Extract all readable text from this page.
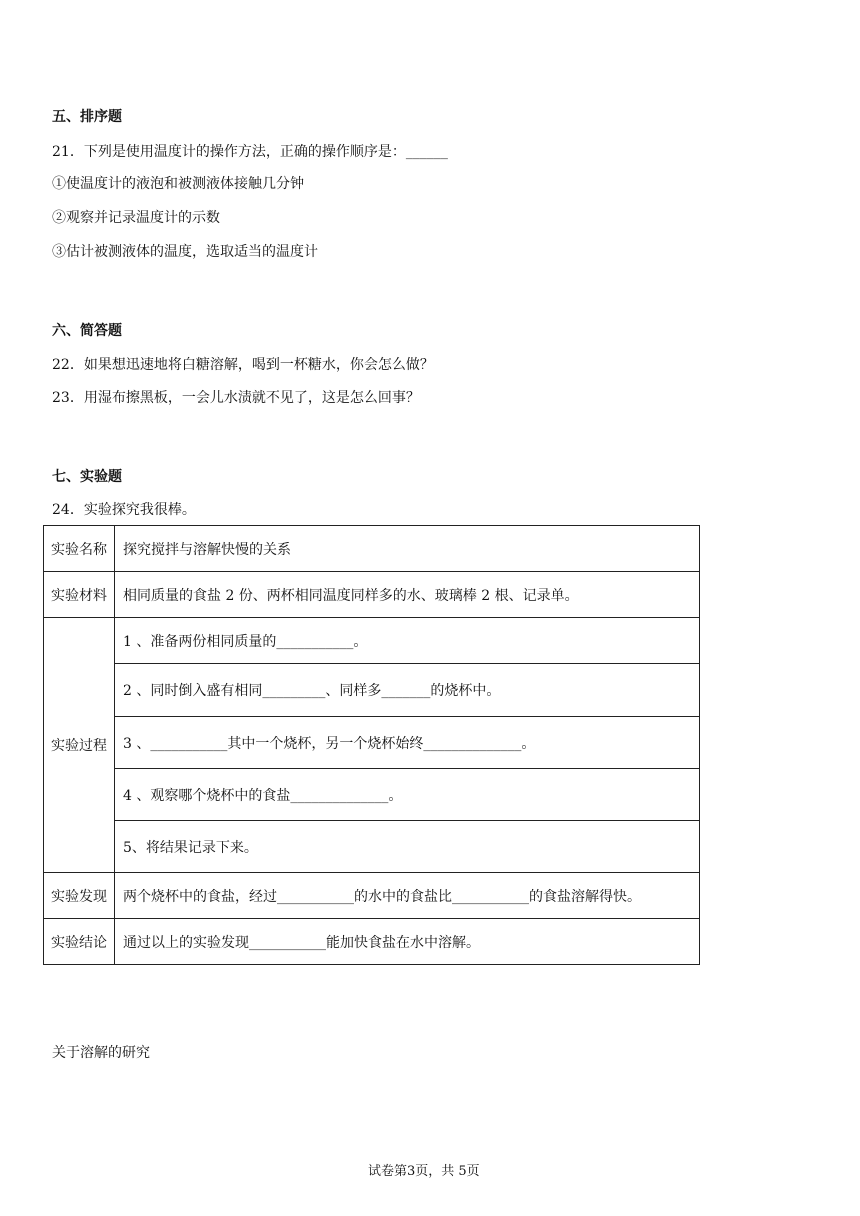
五、排序题
21．下列是使用温度计的操作方法，正确的操作顺序是：______
①使温度计的液泡和被测液体接触几分钟
②观察并记录温度计的示数
③估计被测液体的温度，选取适当的温度计
六、简答题
22．如果想迅速地将白糖溶解，喝到一杯糖水，你会怎么做？
23．用湿布擦黑板，一会儿水渍就不见了，这是怎么回事？
七、实验题
24．实验探究我很棒。
实验名称	探究搅拌与溶解快慢的关系
实验材料	相同质量的食盐 2 份、两杯相同温度同样多的水、玻璃棒 2 根、记录单。
实验过程	1 、准备两份相同质量的___________。
	2 、同时倒入盛有相同_________、同样多_______的烧杯中。
	3 、___________其中一个烧杯，另一个烧杯始终______________。
	4 、观察哪个烧杯中的食盐______________。
	5、将结果记录下来。
实验发现	两个烧杯中的食盐，经过___________的水中的食盐比___________的食盐溶解得快。
实验结论	通过以上的实验发现___________能加快食盐在水中溶解。
关于溶解的研究
试卷第3页，共 5页
